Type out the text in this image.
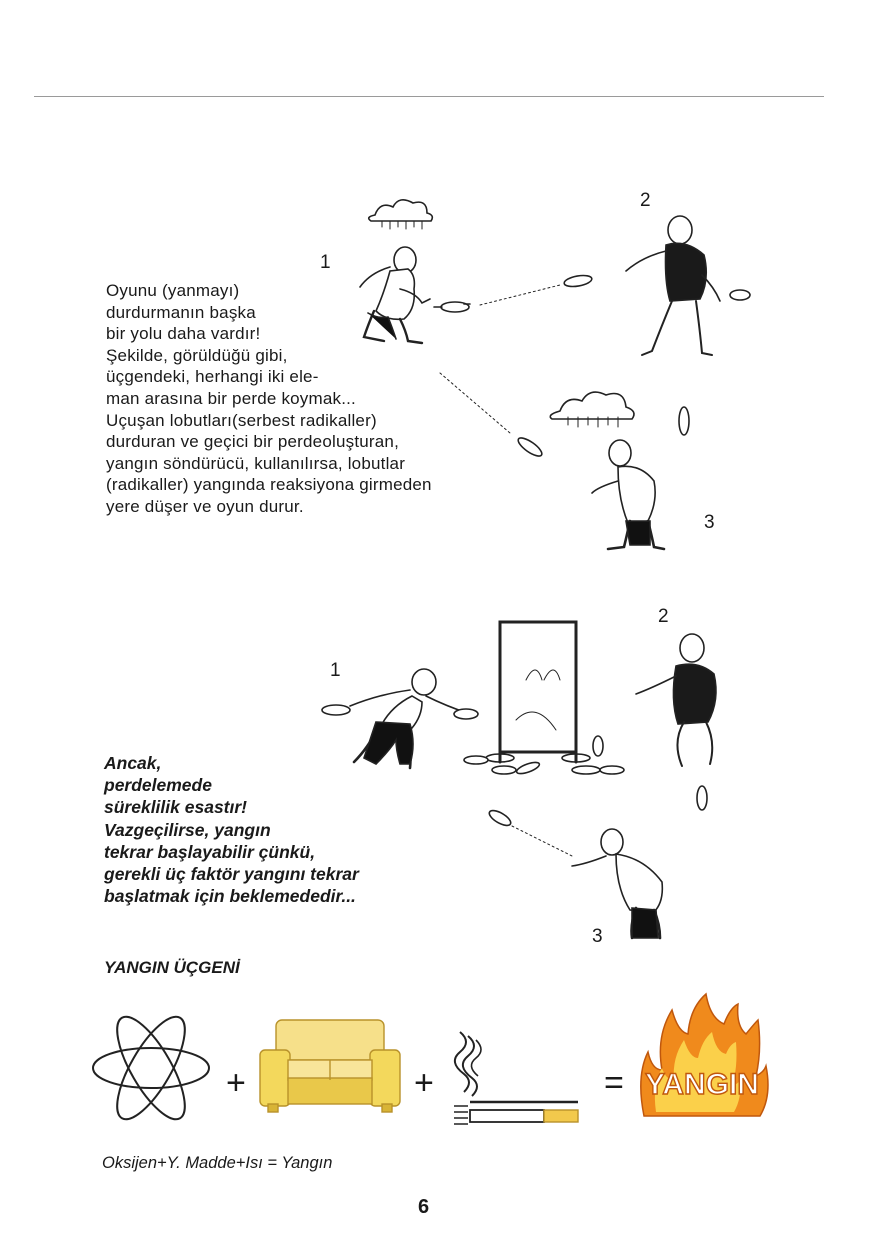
Oyunu (yanmayı)
durdurmanın başka
bir yolu daha vardır!
Şekilde, görüldüğü gibi,
üçgendeki, herhangi iki ele-
man arasına bir perde koymak...
Uçuşan lobutları(serbest radikaller)
durduran ve geçici bir perdeoluşturan,
yangın söndürücü, kullanılırsa, lobutlar
(radikaller) yangında reaksiyona girmeden
yere düşer ve oyun durur.
1
2
3
1
2
3
Ancak,
perdelemede
süreklilik esastır!
Vazgeçilirse, yangın
tekrar başlayabilir çünkü,
gerekli üç faktör yangını tekrar
başlatmak için beklemededir...
YANGIN ÜÇGENİ
+	+	= YANGIN
Oksijen+Y. Madde+Isı = Yangın
6
